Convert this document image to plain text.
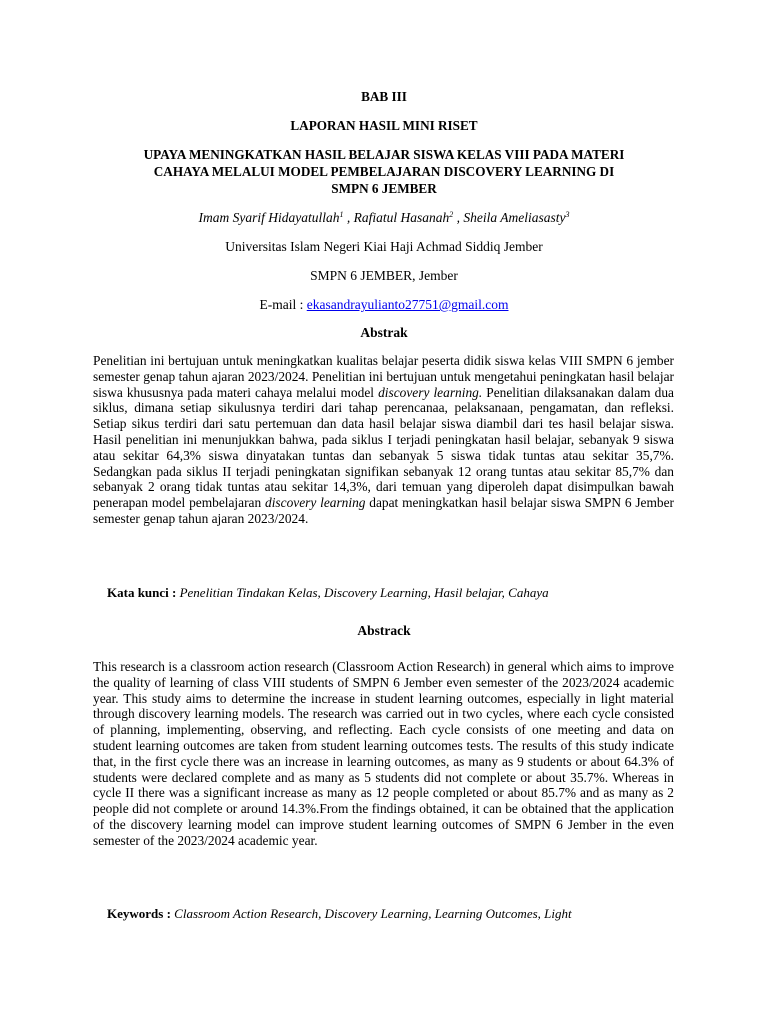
BAB III
LAPORAN HASIL MINI RISET
UPAYA MENINGKATKAN HASIL BELAJAR SISWA KELAS VIII PADA MATERI
CAHAYA MELALUI MODEL PEMBELAJARAN DISCOVERY LEARNING DI
SMPN 6 JEMBER
Imam Syarif Hidayatullah$^1$ , Rafiatul Hasanah$^2$ , Sheila Ameliasasty$^3$
Universitas Islam Negeri Kiai Haji Achmad Siddiq Jember
SMPN 6 JEMBER, Jember
E-mail : ekasandrayulianto27751@gmail.com
Abstrak
Penelitian ini bertujuan untuk meningkatkan kualitas belajar peserta didik siswa kelas VIII SMPN 6 jember semester genap tahun ajaran 2023/2024. Penelitian ini bertujuan untuk mengetahui peningkatan hasil belajar siswa khususnya pada materi cahaya melalui model discovery learning. Penelitian dilaksanakan dalam dua siklus, dimana setiap sikulusnya terdiri dari tahap perencanaa, pelaksanaan, pengamatan, dan refleksi. Setiap sikus terdiri dari satu pertemuan dan data hasil belajar siswa diambil dari tes hasil belajar siswa. Hasil penelitian ini menunjukkan bahwa, pada siklus I terjadi peningkatan hasil belajar, sebanyak 9 siswa atau sekitar 64,3% siswa dinyatakan tuntas dan sebanyak 5 siswa tidak tuntas atau sekitar 35,7%. Sedangkan pada siklus II terjadi peningkatan signifikan sebanyak 12 orang tuntas atau sekitar 85,7% dan sebanyak 2 orang tidak tuntas atau sekitar 14,3%, dari temuan yang diperoleh dapat disimpulkan bawah penerapan model pembelajaran discovery learning dapat meningkatkan hasil belajar siswa SMPN 6 Jember semester genap tahun ajaran 2023/2024.
Kata kunci : Penelitian Tindakan Kelas, Discovery Learning, Hasil belajar, Cahaya
Abstrack
This research is a classroom action research (Classroom Action Research) in general which aims to improve the quality of learning of class VIII students of SMPN 6 Jember even semester of the 2023/2024 academic year. This study aims to determine the increase in student learning outcomes, especially in light material through discovery learning models. The research was carried out in two cycles, where each cycle consisted of planning, implementing, observing, and reflecting. Each cycle consists of one meeting and data on student learning outcomes are taken from student learning outcomes tests. The results of this study indicate that, in the first cycle there was an increase in learning outcomes, as many as 9 students or about 64.3% of students were declared complete and as many as 5 students did not complete or about 35.7%. Whereas in cycle II there was a significant increase as many as 12 people completed or about 85.7% and as many as 2 people did not complete or around 14.3%.From the findings obtained, it can be obtained that the application of the discovery learning model can improve student learning outcomes of SMPN 6 Jember in the even semester of the 2023/2024 academic year.
Keywords : Classroom Action Research, Discovery Learning, Learning Outcomes, Light
